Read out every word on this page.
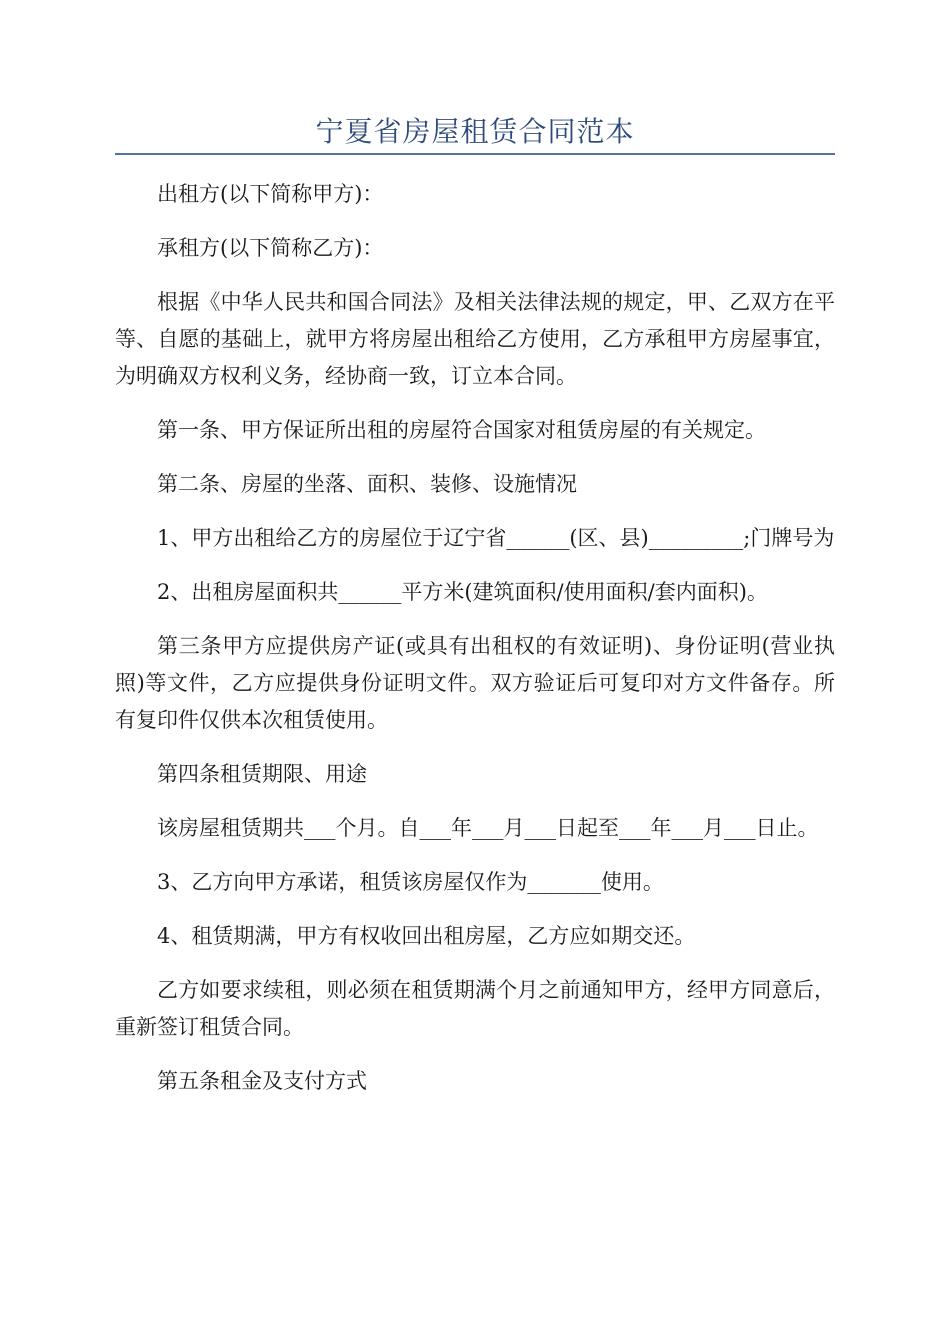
宁夏省房屋租赁合同范本

出租方(以下简称甲方)：

承租方(以下简称乙方)：

根据《中华人民共和国合同法》及相关法律法规的规定，甲、乙双方在平等、自愿的基础上，就甲方将房屋出租给乙方使用，乙方承租甲方房屋事宜，为明确双方权利义务，经协商一致，订立本合同。

第一条、甲方保证所出租的房屋符合国家对租赁房屋的有关规定。

第二条、房屋的坐落、面积、装修、设施情况

1、甲方出租给乙方的房屋位于辽宁省______(区、县)_________;门牌号为

2、出租房屋面积共______平方米(建筑面积/使用面积/套内面积)。

第三条甲方应提供房产证(或具有出租权的有效证明)、身份证明(营业执照)等文件，乙方应提供身份证明文件。双方验证后可复印对方文件备存。所有复印件仅供本次租赁使用。

第四条租赁期限、用途

该房屋租赁期共___个月。自___年___月___日起至___年___月___日止。

3、乙方向甲方承诺，租赁该房屋仅作为_______使用。

4、租赁期满，甲方有权收回出租房屋，乙方应如期交还。

乙方如要求续租，则必须在租赁期满个月之前通知甲方，经甲方同意后，重新签订租赁合同。

第五条租金及支付方式
